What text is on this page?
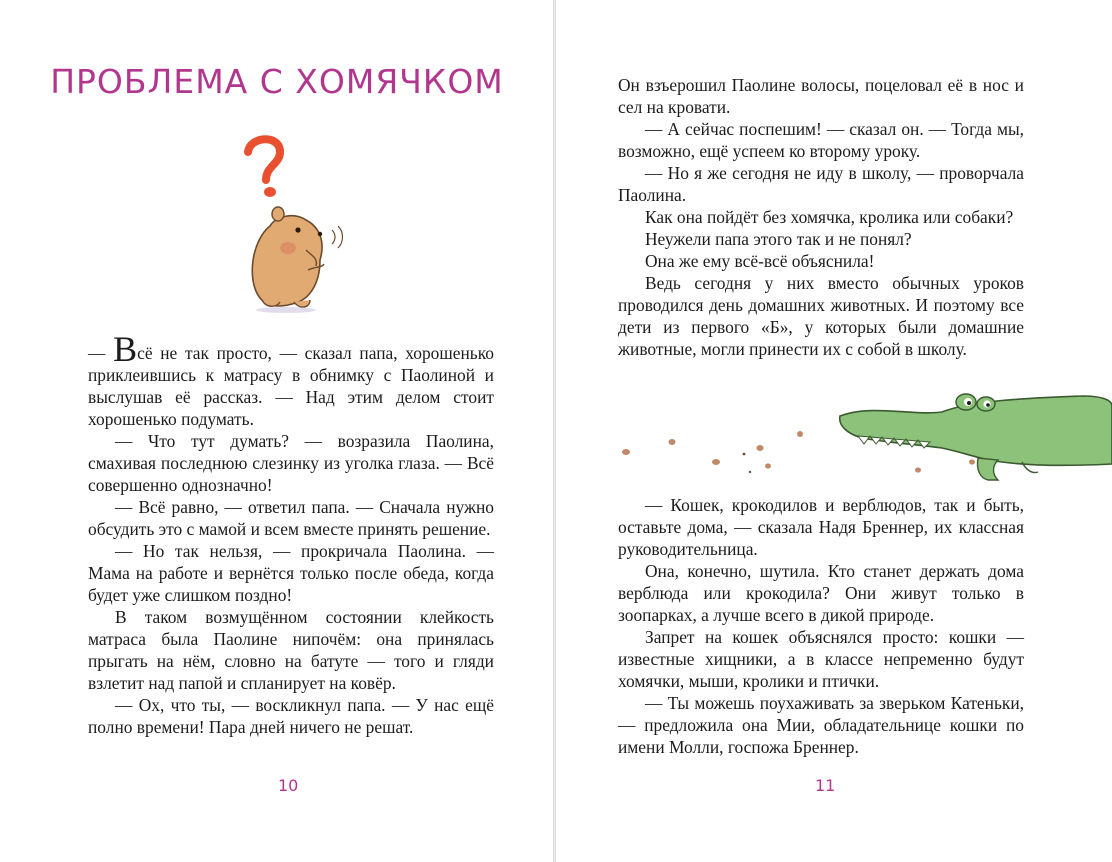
ПРОБЛЕМА С ХОМЯЧКОМ

— Всё не так просто, — сказал папа, хорошенько приклеившись к матрасу в обнимку с Паолиной и выслушав её рассказ. — Над этим делом стоит хорошенько подумать.

— Что тут думать? — возразила Паолина, смахивая последнюю слезинку из уголка глаза. — Всё совершенно однозначно!

— Всё равно, — ответил папа. — Сначала нужно обсудить это с мамой и всем вместе принять решение.

— Но так нельзя, — прокричала Паолина. — Мама на работе и вернётся только после обеда, когда будет уже слишком поздно!

В таком возмущённом состоянии клейкость матраса была Паолине нипочём: она принялась прыгать на нём, словно на батуте — того и гляди взлетит над папой и спланирует на ковёр.

— Ох, что ты, — воскликнул папа. — У нас ещё полно времени! Пара дней ничего не решат.

10	11

Он взъерошил Паолине волосы, поцеловал её в нос и сел на кровати.

— А сейчас поспешим! — сказал он. — Тогда мы, возможно, ещё успеем ко второму уроку.

— Но я же сегодня не иду в школу, — проворчала Паолина.

Как она пойдёт без хомячка, кролика или собаки?

Неужели папа этого так и не понял?

Она же ему всё-всё объяснила!

Ведь сегодня у них вместо обычных уроков проводился день домашних животных. И поэтому все дети из первого «Б», у которых были домашние животные, могли принести их с собой в школу.

— Кошек, крокодилов и верблюдов, так и быть, оставьте дома, — сказала Надя Бреннер, их классная руководительница.

Она, конечно, шутила. Кто станет держать дома верблюда или крокодила? Они живут только в зоопарках, а лучше всего в дикой природе.

Запрет на кошек объяснялся просто: кошки — известные хищники, а в классе непременно будут хомячки, мыши, кролики и птички.

— Ты можешь поухаживать за зверьком Катеньки, — предложила она Мии, обладательнице кошки по имени Молли, госпожа Бреннер.
